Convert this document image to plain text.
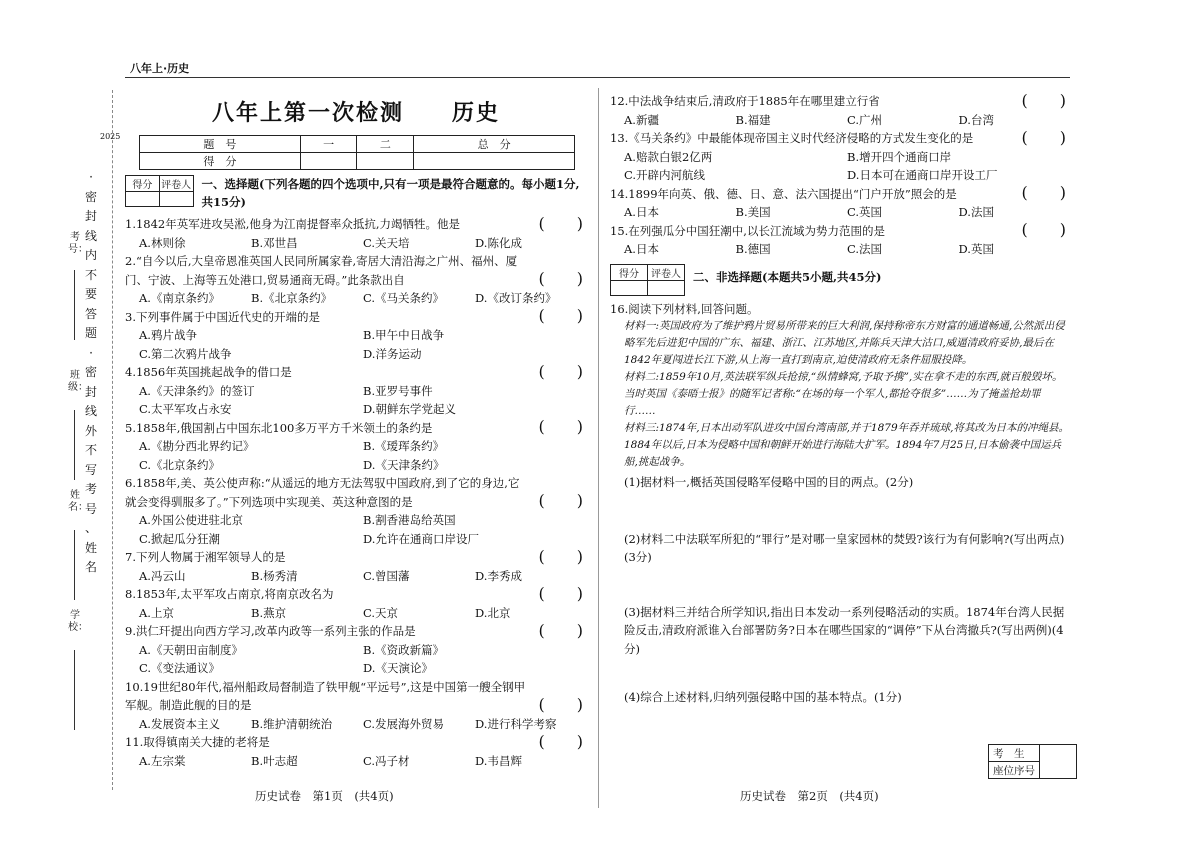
八年上·历史
2025
·
密
封
线
内
不
要
答
题
·
密
封
线
外
不
写
考
号
、
姓
名
考号：
班级：
姓名：
学校：
八年上第一次检测　　历史
题　号	一	二	总　分
得　分			
得分	评卷人
	一、选择题(下列各题的四个选项中,只有一项是最符合题意的。每小题1分,共15分)
1.1842年英军进攻吴淞,他身为江南提督率众抵抗,力竭牺牲。他是	(　　)
A.林则徐	B.邓世昌	C.关天培	D.陈化成
2.“自今以后,大皇帝恩准英国人民同所属家眷,寄居大清沿海之广州、福州、厦门、宁波、上海等五处港口,贸易通商无碍。”此条款出自	(　　)
A.《南京条约》	B.《北京条约》	C.《马关条约》	D.《改订条约》
3.下列事件属于中国近代史的开端的是	(　　)
A.鸦片战争	B.甲午中日战争
C.第二次鸦片战争	D.洋务运动
4.1856年英国挑起战争的借口是	(　　)
A.《天津条约》的签订	B.亚罗号事件
C.太平军攻占永安	D.朝鲜东学党起义
5.1858年,俄国割占中国东北100多万平方千米领土的条约是	(　　)
A.《勘分西北界约记》	B.《瑷珲条约》
C.《北京条约》	D.《天津条约》
6.1858年,美、英公使声称:“从遥远的地方无法驾驭中国政府,到了它的身边,它就会变得驯服多了。”下列选项中实现美、英这种意图的是	(　　)
A.外国公使进驻北京	B.割香港岛给英国
C.掀起瓜分狂潮	D.允许在通商口岸设厂
7.下列人物属于湘军领导人的是	(　　)
A.冯云山	B.杨秀清	C.曾国藩	D.李秀成
8.1853年,太平军攻占南京,将南京改名为	(　　)
A.上京	B.燕京	C.天京	D.北京
9.洪仁玕提出向西方学习,改革内政等一系列主张的作品是	(　　)
A.《天朝田亩制度》	B.《资政新篇》
C.《变法通议》	D.《天演论》
10.19世纪80年代,福州船政局督制造了铁甲舰“平远号”,这是中国第一艘全钢甲军舰。制造此舰的目的是	(　　)
A.发展资本主义	B.维护清朝统治	C.发展海外贸易	D.进行科学考察
11.取得镇南关大捷的老将是	(　　)
A.左宗棠	B.叶志超	C.冯子材	D.韦昌辉
12.中法战争结束后,清政府于1885年在哪里建立行省	(　　)
A.新疆	B.福建	C.广州	D.台湾
13.《马关条约》中最能体现帝国主义时代经济侵略的方式发生变化的是	(　　)
A.赔款白银2亿两	B.增开四个通商口岸
C.开辟内河航线	D.日本可在通商口岸开设工厂
14.1899年向英、俄、德、日、意、法六国提出“门户开放”照会的是	(　　)
A.日本	B.美国	C.英国	D.法国
15.在列强瓜分中国狂潮中,以长江流域为势力范围的是	(　　)
A.日本	B.德国	C.法国	D.英国
得分	评卷人
	二、非选择题(本题共5小题,共45分)
16.阅读下列材料,回答问题。
材料一:英国政府为了维护鸦片贸易所带来的巨大利润,保持称帝东方财富的通道畅通,公然派出侵略军先后进犯中国的广东、福建、浙江、江苏地区,并陈兵天津大沽口,威逼清政府妥协,最后在1842年夏闯进长江下游,从上海一直打到南京,迫使清政府无条件屈服投降。
材料二:1859年10月,英法联军纵兵抢掠,“纵情蜂窝,予取予携”,实在拿不走的东西,就百般毁坏。当时英国《泰晤士报》的随军记者称:“在场的每一个军人,都抢夺很多”……为了掩盖抢劫罪行……
材料三:1874年,日本出动军队进攻中国台湾南部,并于1879年吞并琉球,将其改为日本的冲绳县。1884年以后,日本为侵略中国和朝鲜开始进行海陆大扩军。1894年7月25日,日本偷袭中国运兵船,挑起战争。
(1)据材料一,概括英国侵略军侵略中国的目的两点。(2分)
(2)材料二中法联军所犯的“罪行”是对哪一皇家园林的焚毁?该行为有何影响?(写出两点)(3分)
(3)据材料三并结合所学知识,指出日本发动一系列侵略活动的实质。1874年台湾人民据险反击,清政府派谁入台部署防务?日本在哪些国家的“调停”下从台湾撤兵?(写出两例)(4分)
(4)综合上述材料,归纳列强侵略中国的基本特点。(1分)
考　生	
座位序号
历史试卷　第1页　(共4页)	历史试卷　第2页　(共4页)
